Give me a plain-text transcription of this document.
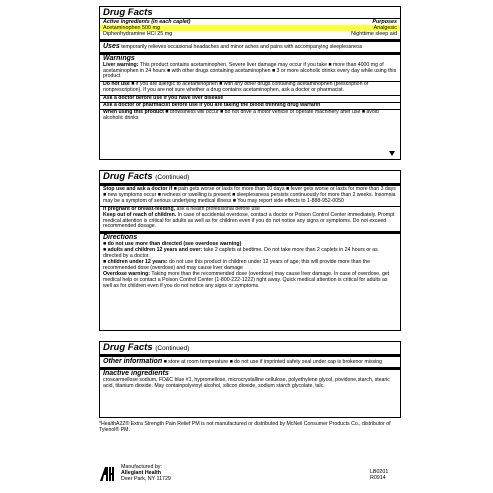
Drug Facts
Active ingredients (in each caplet)	Purposes
Acetaminophen 500 mg	Analgesic
Diphenhydramine HCl 25 mg	Nighttime sleep aid
Uses temporarily relieves occasional headaches and minor aches and pains with accompanying sleeplessness
Warnings
Liver warning: This product contains acetaminophen. Severe liver damage may occur if you take ■ more than 4000 mg of acetaminophen in 24 hours ■ with other drugs containing acetaminophen ■ 3 or more alcoholic drinks every day while using this product
Do not use ■ if you are allergic to acetaminophen ■ with any other drugs containing acetaminophen (prescription or nonprescription). If you are not sure whether a drug contains acetaminophen, ask a doctor or pharmacist.
Ask a doctor before use if you have liver disease
Ask a doctor or pharmacist before use if you are taking the blood thinning drug warfarin
When using this product ■ drowsiness will occur ■ do not drive a motor vehicle or operate machinery after use ■ avoid alcoholic drinks
Drug Facts (Continued)
Stop use and ask a doctor if ■ pain gets worse or lasts for more than 10 days ■ fever gets worse or lasts for more than 3 days ■ new symptoms occur ■ redness or swelling is present ■ sleeplessness persists continuously for more than 2 weeks. Insomnia may be a symptom of serious underlying medical illness ■ You may report side effects to 1-888-952-0050
If pregnant or breast-feeding, ask a health professional before use
Keep out of reach of children. In case of accidental overdose, contact a doctor or Poison Control Center immediately. Prompt medical attention is critical for adults as well as for children even if you do not notice any signs or symptoms. Do not exceed recommended dosage.
Directions
■ do not use more than directed (see overdose warning)
■ adults and children 12 years and over: take 2 caplets at bedtime. Do not take more than 2 caplets in 24 hours or as directed by a doctor.
■ children under 12 years: do not use this product in children under 12 years of age; this will provide more than the recommended dose (overdose) and may cause liver damage
Overdose warning: Taking more than the recommended dose (overdose) may cause liver damage. In case of overdose, get medical help or contact a Poison Control Center (1-800-222-1222) right away. Quick medical attention is critical for adults as well as for children even if you do not notice any signs or symptoms.
Drug Facts (Continued)
Other information ■ store at room temperature ■ do not use if imprinted safety seal under cap is brokenor missing
Inactive ingredients
croscarmellose sodium, FD&C blue #1, hypromellose, microcrystalline cellulose, polyethylene glycol, povidone,starch, stearic acid, titanium dioxide. May containpolyvinyl alcohol, silicon dioxide, sodium starch glycolate, talc.
*HealthA2Z® Extra Strength Pain Relief PM is not manufactured or distributed by McNeil Consumer Products Co., distributor of Tylenol® PM.
Manufactured by:
Allegiant Health
Deer Park, NY 11729
LB0201
R0914
